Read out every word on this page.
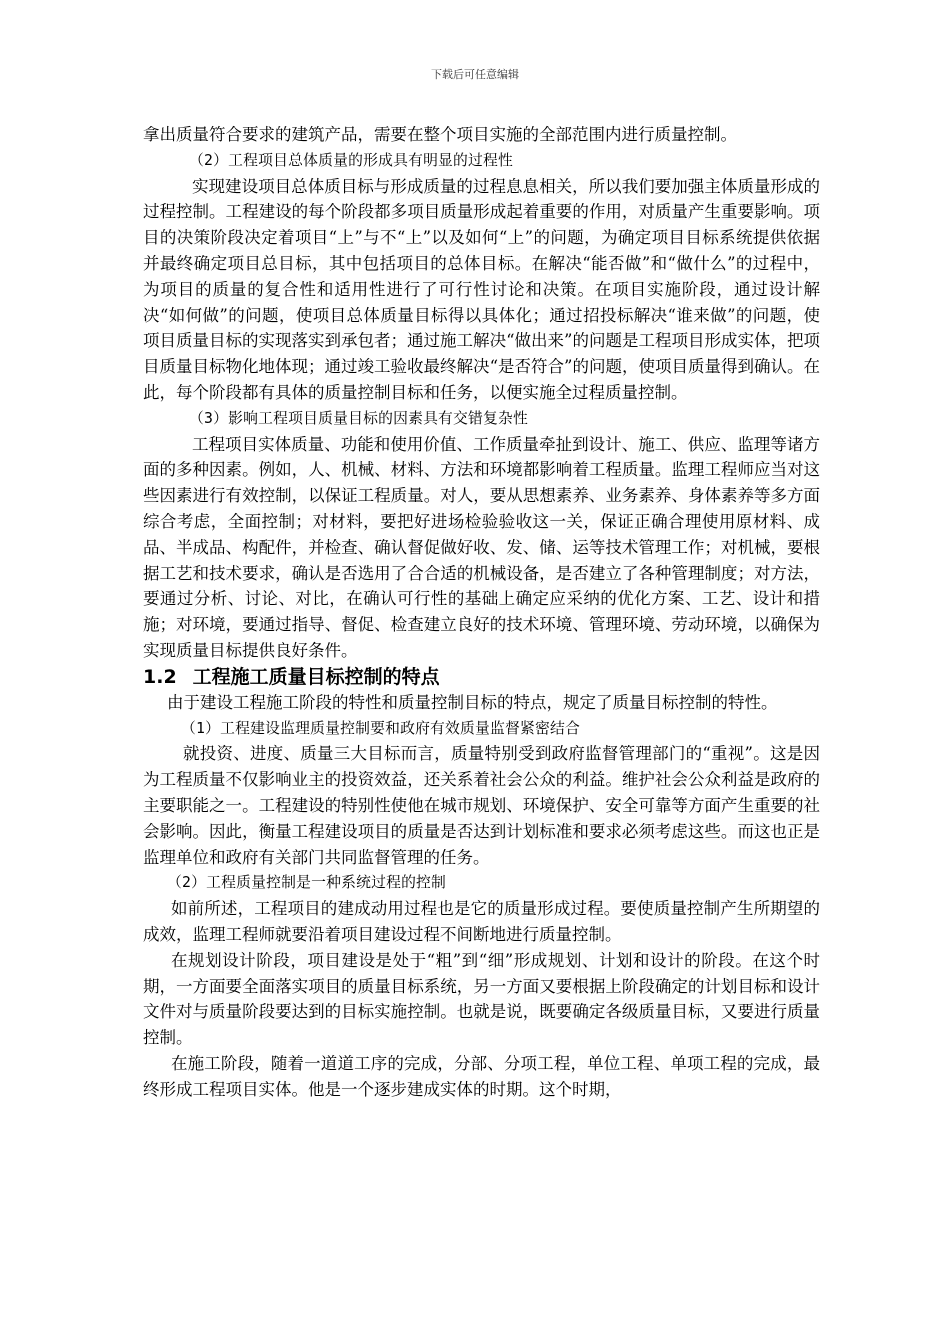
下载后可任意编辑

拿出质量符合要求的建筑产品，需要在整个项目实施的全部范围内进行质量控制。

（2）工程项目总体质量的形成具有明显的过程性

实现建设项目总体质目标与形成质量的过程息息相关，所以我们要加强主体质量形成的过程控制。工程建设的每个阶段都多项目质量形成起着重要的作用，对质量产生重要影响。项目的决策阶段决定着项目“上”与不“上”以及如何“上”的问题，为确定项目目标系统提供依据并最终确定项目总目标，其中包括项目的总体目标。在解决“能否做”和“做什么”的过程中，为项目的质量的复合性和适用性进行了可行性讨论和决策。在项目实施阶段，通过设计解决“如何做”的问题，使项目总体质量目标得以具体化；通过招投标解决“谁来做”的问题，使项目质量目标的实现落实到承包者；通过施工解决“做出来”的问题是工程项目形成实体，把项目质量目标物化地体现；通过竣工验收最终解决“是否符合”的问题，使项目质量得到确认。在此，每个阶段都有具体的质量控制目标和任务，以便实施全过程质量控制。

（3）影响工程项目质量目标的因素具有交错复杂性

工程项目实体质量、功能和使用价值、工作质量牵扯到设计、施工、供应、监理等诸方面的多种因素。例如，人、机械、材料、方法和环境都影响着工程质量。监理工程师应当对这些因素进行有效控制，以保证工程质量。对人，要从思想素养、业务素养、身体素养等多方面综合考虑，全面控制；对材料，要把好进场检验验收这一关，保证正确合理使用原材料、成品、半成品、构配件，并检查、确认督促做好收、发、储、运等技术管理工作；对机械，要根据工艺和技术要求，确认是否选用了合合适的机械设备，是否建立了各种管理制度；对方法，要通过分析、讨论、对比，在确认可行性的基础上确定应采纳的优化方案、工艺、设计和措施；对环境，要通过指导、督促、检查建立良好的技术环境、管理环境、劳动环境，以确保为实现质量目标提供良好条件。

1.2 工程施工质量目标控制的特点

由于建设工程施工阶段的特性和质量控制目标的特点，规定了质量目标控制的特性。

（1）工程建设监理质量控制要和政府有效质量监督紧密结合

就投资、进度、质量三大目标而言，质量特别受到政府监督管理部门的“重视”。这是因为工程质量不仅影响业主的投资效益，还关系着社会公众的利益。维护社会公众利益是政府的主要职能之一。工程建设的特别性使他在城市规划、环境保护、安全可靠等方面产生重要的社会影响。因此，衡量工程建设项目的质量是否达到计划标准和要求必须考虑这些。而这也正是监理单位和政府有关部门共同监督管理的任务。

（2）工程质量控制是一种系统过程的控制

如前所述，工程项目的建成动用过程也是它的质量形成过程。要使质量控制产生所期望的成效，监理工程师就要沿着项目建设过程不间断地进行质量控制。

在规划设计阶段，项目建设是处于“粗”到“细”形成规划、计划和设计的阶段。在这个时期，一方面要全面落实项目的质量目标系统，另一方面又要根据上阶段确定的计划目标和设计文件对与质量阶段要达到的目标实施控制。也就是说，既要确定各级质量目标，又要进行质量控制。

在施工阶段，随着一道道工序的完成，分部、分项工程，单位工程、单项工程的完成，最终形成工程项目实体。他是一个逐步建成实体的时期。这个时期，
